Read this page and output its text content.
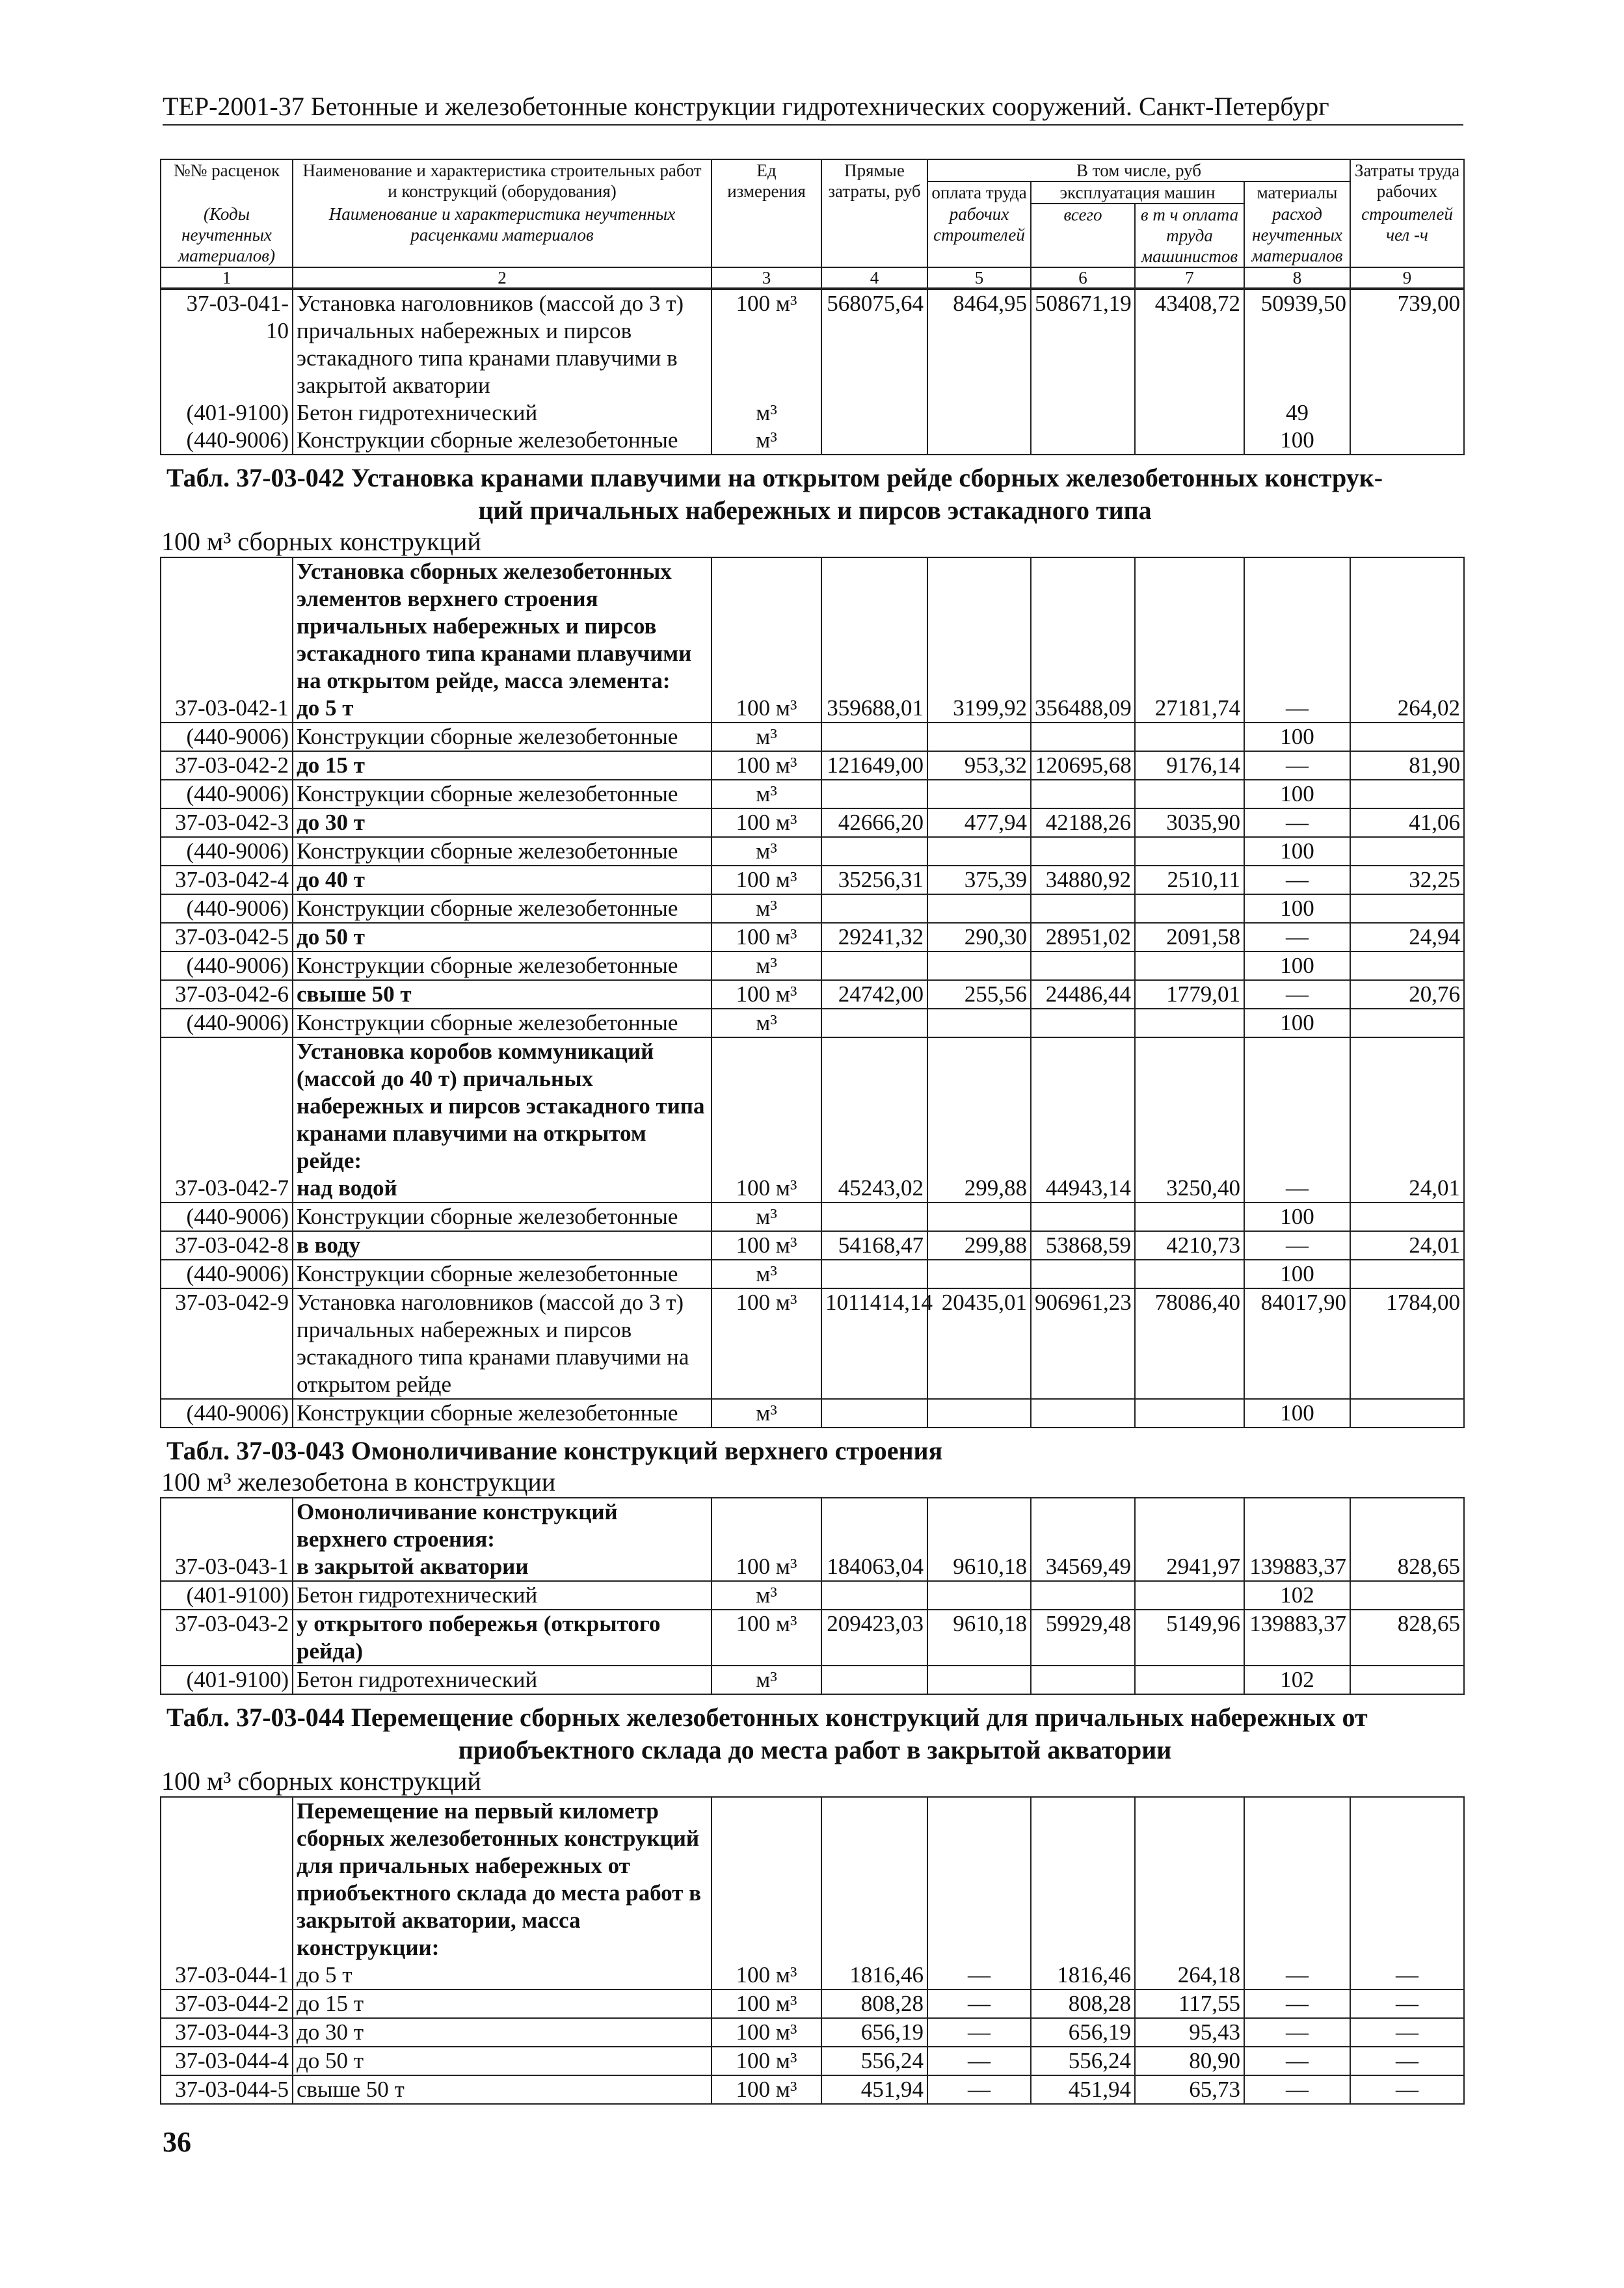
ТЕР-2001-37 Бетонные и железобетонные конструкции гидротехнических сооружений. Санкт-Петербург
№№ расценок	Наименование и характеристика строительных работ и конструкций (оборудования)	Ед измерения	Прямые затраты, руб	В том числе, руб				Затраты труда рабочих
				оплата труда	эксплуатация машин		материалы	
(Коды неучтенных материалов)	Наименование и характеристика неучтенных расценками материалов			рабочих строителей	всего	в т ч оплата труда машинистов	расход неучтенных материалов	строителей чел -ч
1	2	3	4	5	6	7	8	9
37-03-041-10	Установка наголовников (массой до 3 т) причальных набережных и пирсов эстакадного типа кранами плавучими в закрытой акватории	100 м³	568075,64	8464,95	508671,19	43408,72	50939,50	739,00
(401-9100)	Бетон гидротехнический	м³					49	
(440-9006)	Конструкции сборные железобетонные	м³					100	
Табл. 37-03-042 Установка кранами плавучими на открытом рейде сборных железобетонных конструк-
ций причальных набережных и пирсов эстакадного типа
100 м³ сборных конструкций
	Установка сборных железобетонных элементов верхнего строения причальных набережных и пирсов эстакадного типа кранами плавучими на открытом рейде, масса элемента:							
37-03-042-1	до 5 т	100 м³	359688,01	3199,92	356488,09	27181,74	—	264,02
(440-9006)	Конструкции сборные железобетонные	м³					100	
37-03-042-2	до 15 т	100 м³	121649,00	953,32	120695,68	9176,14	—	81,90
(440-9006)	Конструкции сборные железобетонные	м³					100	
37-03-042-3	до 30 т	100 м³	42666,20	477,94	42188,26	3035,90	—	41,06
(440-9006)	Конструкции сборные железобетонные	м³					100	
37-03-042-4	до 40 т	100 м³	35256,31	375,39	34880,92	2510,11	—	32,25
(440-9006)	Конструкции сборные железобетонные	м³					100	
37-03-042-5	до 50 т	100 м³	29241,32	290,30	28951,02	2091,58	—	24,94
(440-9006)	Конструкции сборные железобетонные	м³					100	
37-03-042-6	свыше 50 т	100 м³	24742,00	255,56	24486,44	1779,01	—	20,76
(440-9006)	Конструкции сборные железобетонные	м³					100	
	Установка коробов коммуникаций (массой до 40 т) причальных набережных и пирсов эстакадного типа кранами плавучими на открытом рейде:							
37-03-042-7	над водой	100 м³	45243,02	299,88	44943,14	3250,40	—	24,01
(440-9006)	Конструкции сборные железобетонные	м³					100	
37-03-042-8	в воду	100 м³	54168,47	299,88	53868,59	4210,73	—	24,01
(440-9006)	Конструкции сборные железобетонные	м³					100	
37-03-042-9	Установка наголовников (массой до 3 т) причальных набережных и пирсов эстакадного типа кранами плавучими на открытом рейде	100 м³	1011414,14	20435,01	906961,23	78086,40	84017,90	1784,00
(440-9006)	Конструкции сборные железобетонные	м³					100	
Табл. 37-03-043 Омоноличивание конструкций верхнего строения
100 м³ железобетона в конструкции
	Омоноличивание конструкций верхнего строения:							
37-03-043-1	в закрытой акватории	100 м³	184063,04	9610,18	34569,49	2941,97	139883,37	828,65
(401-9100)	Бетон гидротехнический	м³					102	
37-03-043-2	у открытого побережья (открытого рейда)	100 м³	209423,03	9610,18	59929,48	5149,96	139883,37	828,65
(401-9100)	Бетон гидротехнический	м³					102	
Табл. 37-03-044 Перемещение сборных железобетонных конструкций для причальных набережных от
приобъектного склада до места работ в закрытой акватории
100 м³ сборных конструкций
	Перемещение на первый километр сборных железобетонных конструкций для причальных набережных от приобъектного склада до места работ в закрытой акватории, масса конструкции:							
37-03-044-1	до 5 т	100 м³	1816,46	—	1816,46	264,18	—	—
37-03-044-2	до 15 т	100 м³	808,28	—	808,28	117,55	—	—
37-03-044-3	до 30 т	100 м³	656,19	—	656,19	95,43	—	—
37-03-044-4	до 50 т	100 м³	556,24	—	556,24	80,90	—	—
37-03-044-5	свыше 50 т	100 м³	451,94	—	451,94	65,73	—	—
36
